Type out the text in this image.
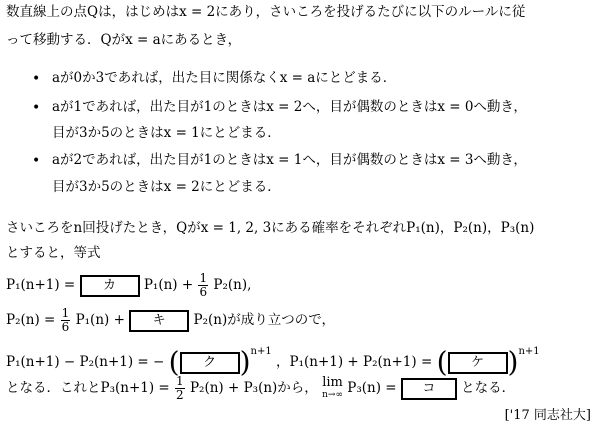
数直線上の点Qは，はじめはx = 2にあり，さいころを投げるたびに以下のルールに従
って移動する．Qがx = aにあるとき，
• aが0か3であれば，出た目に関係なくx = aにとどまる．
• aが1であれば，出た目が1のときはx = 2へ，目が偶数のときはx = 0へ動き，
目が3か5のときはx = 1にとどまる．
• aが2であれば，出た目が1のときはx = 1へ，目が偶数のときはx = 3へ動き，
目が3か5のときはx = 2にとどまる．
さいころをn回投げたとき，Qがx = 1, 2, 3にある確率をそれぞれP₁(n)，P₂(n)，P₃(n)
とすると，等式
P₁(n+1) = カ $P_1(n) + \frac{1}{6} P_2(n)$,
$P_2(n) = \frac{1}{6} P_1(n)$ + キ P₂(n)が成り立つので，
P₁(n+1) − P₂(n+1) = − ( ク )$^{n+1}$ ，P₁(n+1) + P₂(n+1) = ( ケ )$^{n+1}$
となる．これと$P_3(n+1) = \frac{1}{2} P_2(n) + P_3(n)$から， lim
n→∞ P₃(n) = コ となる．
['17 同志社大]
